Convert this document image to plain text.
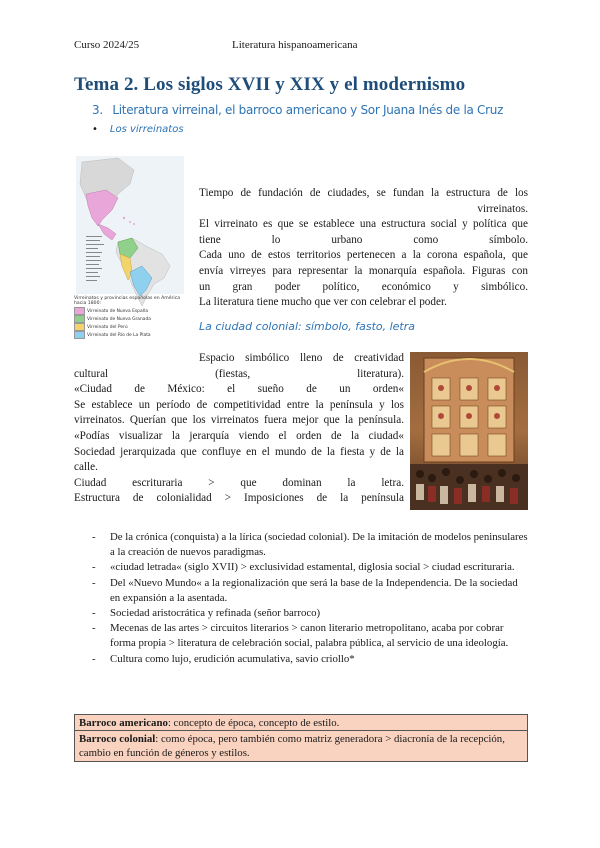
Curso 2024/25	Literatura hispanoamericana
Tema 2. Los siglos XVII y XIX y el modernismo
3. Literatura virreinal, el barroco americano y Sor Juana Inés de la Cruz
• Los virreinatos
Virreinatos y provincias españolas en América hacia 1800:
Virreinato de Nueva España
Virreinato de Nueva Granada
Virreinato del Perú
Virreinato del Río de La Plata
Tiempo de fundación de ciudades, se fundan la estructura de los
virreinatos.
El virreinato es que se establece una estructura social y política que
tiene lo urbano como símbolo.
Cada uno de estos territorios pertenecen a la corona española, que
envía virreyes para representar la monarquía española. Figuras con
un gran poder político, económico y simbólico.
La literatura tiene mucho que ver con celebrar el poder.
La ciudad colonial: símbolo, fasto, letra
Espacio simbólico lleno de creatividad
cultural (fiestas, literatura).
«Ciudad de México: el sueño de un orden«
Se establece un período de competitividad entre la península y los
virreinatos. Querían que los virreinatos fuera mejor que la península.
«Podías visualizar la jerarquía viendo el orden de la ciudad«
Sociedad jerarquizada que confluye en el mundo de la fiesta y de la
calle.
Ciudad escrituraria > que dominan la letra.
Estructura de colonialidad > Imposiciones de la península
- De la crónica (conquista) a la lírica (sociedad colonial). De la imitación de modelos peninsulares a la creación de nuevos paradigmas.
- «ciudad letrada« (siglo XVII) > exclusividad estamental, diglosia social > ciudad escrituraria.
- Del «Nuevo Mundo« a la regionalización que será la base de la Independencia. De la sociedad en expansión a la asentada.
- Sociedad aristocrática y refinada (señor barroco)
- Mecenas de las artes > circuitos literarios > canon literario metropolitano, acaba por cobrar forma propia > literatura de celebración social, palabra pública, al servicio de una ideología.
- Cultura como lujo, erudición acumulativa, savio criollo*
Barroco americano: concepto de época, concepto de estilo.
Barroco colonial: como época, pero también como matriz generadora > diacronía de la recepción, cambio en función de géneros y estilos.
